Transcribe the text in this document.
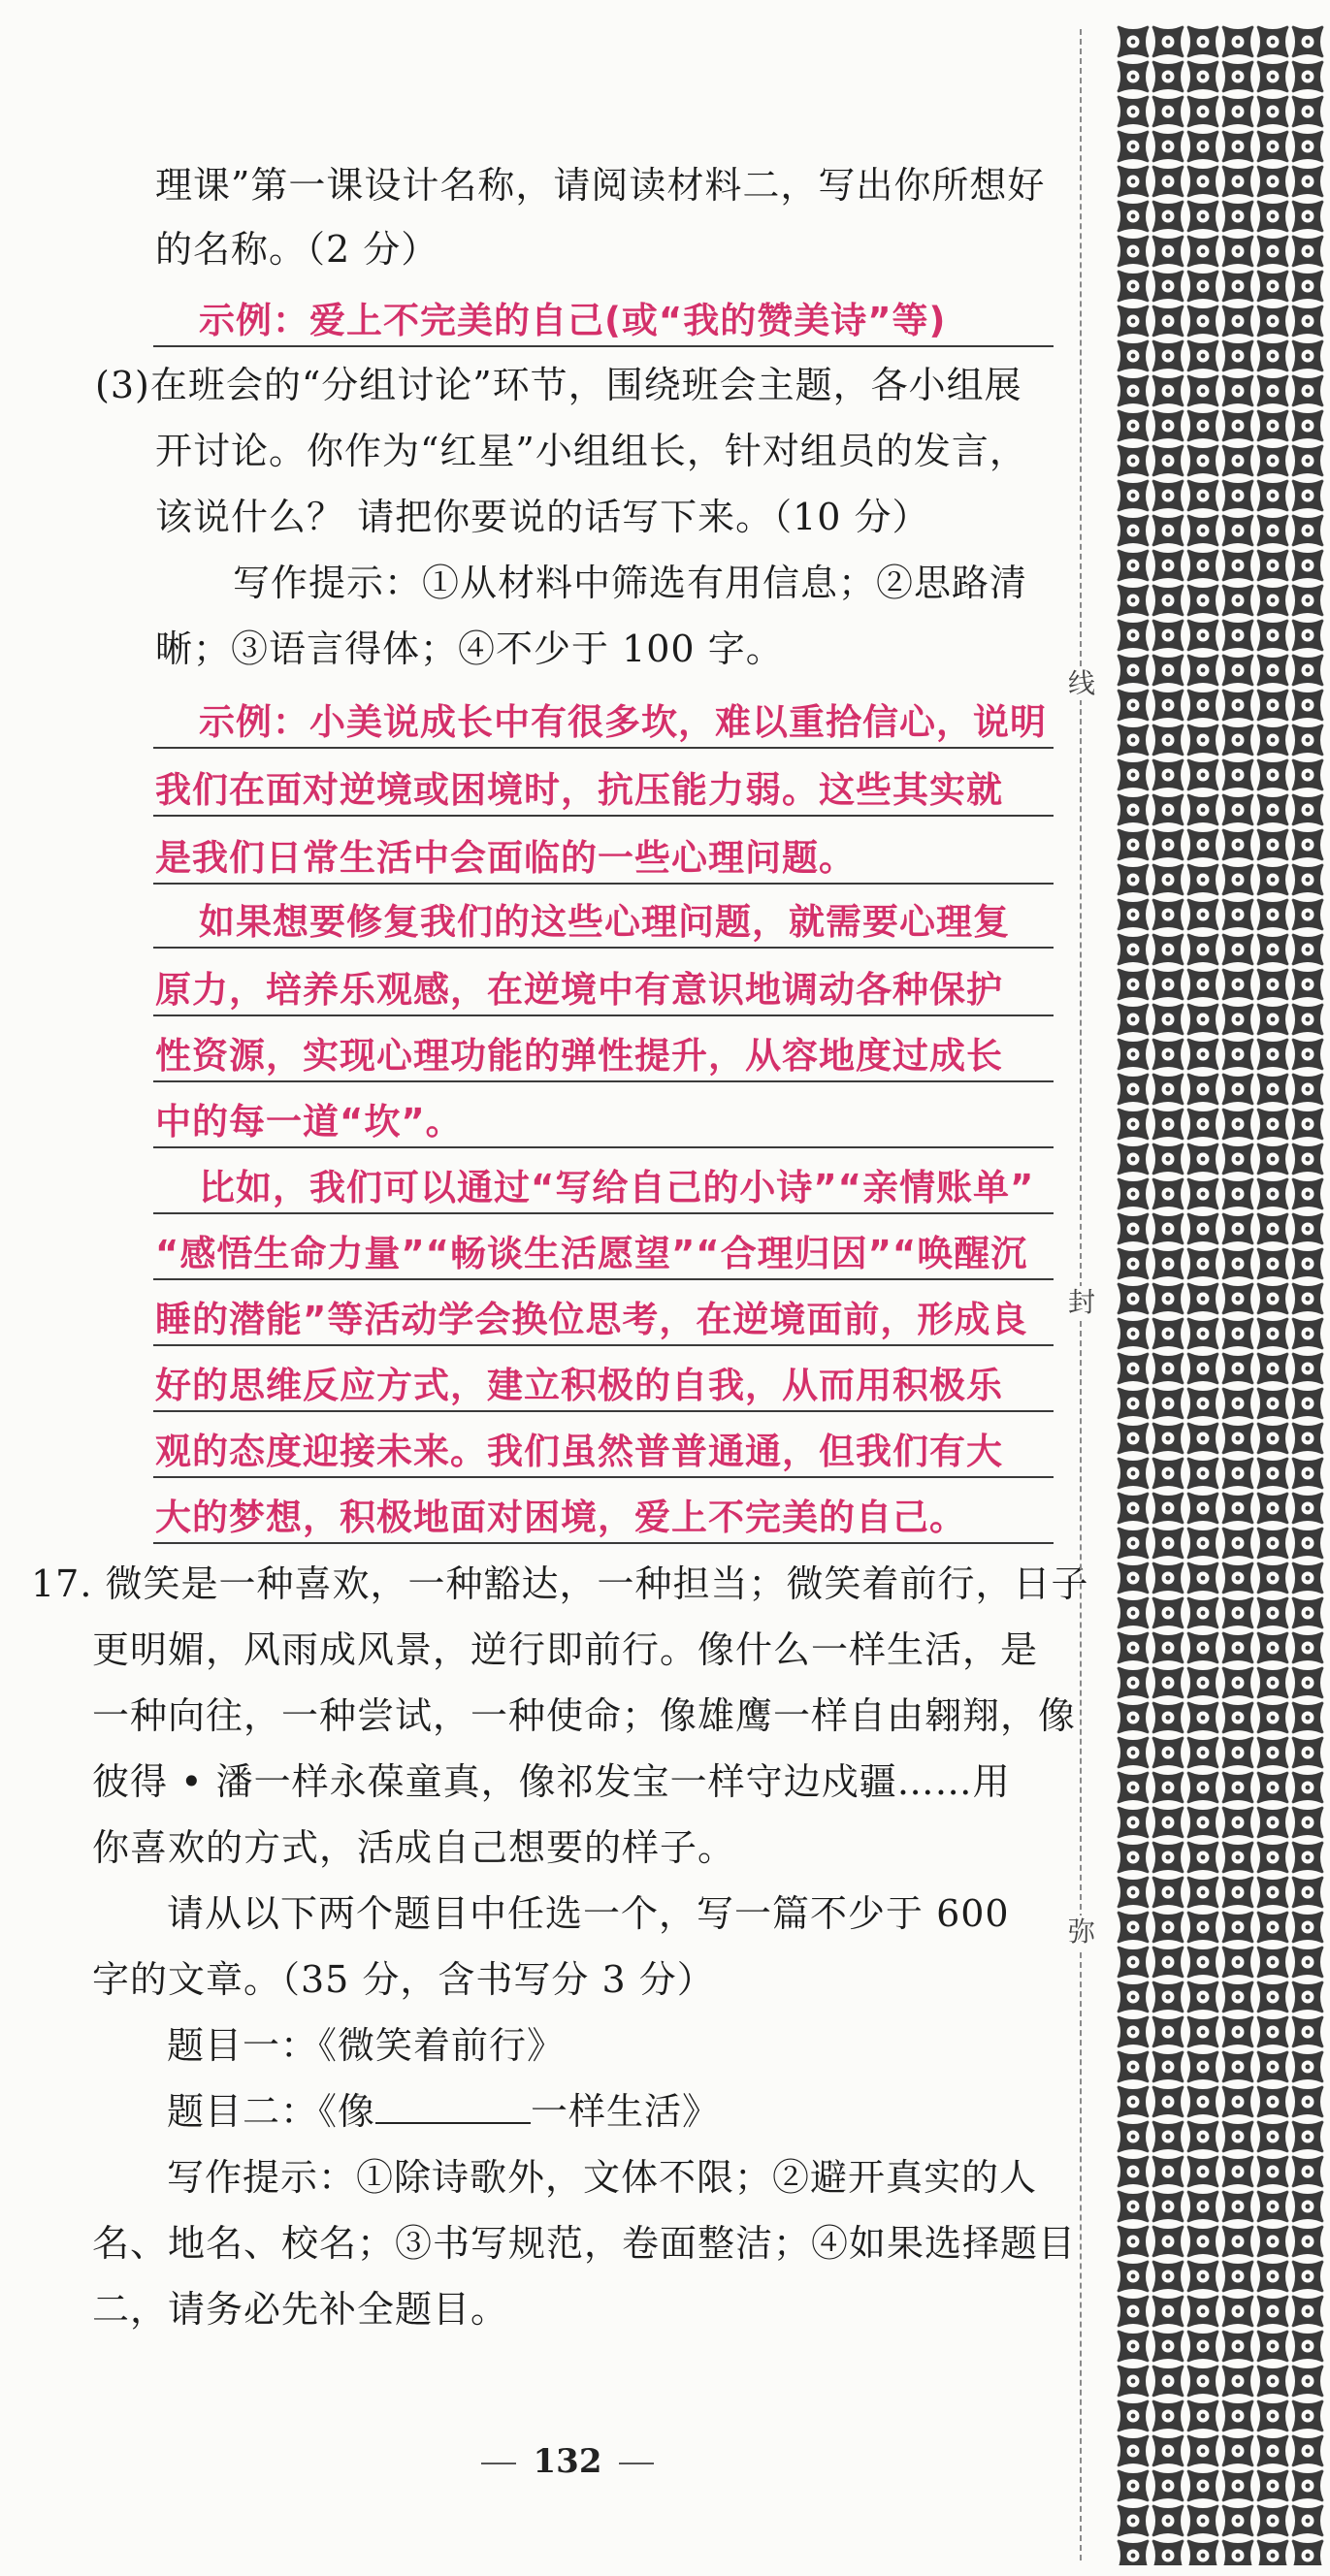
理课”第一课设计名称，请阅读材料二，写出你所想好
的名称。（2 分）
示例：爱上不完美的自己(或“我的赞美诗”等)
(3)在班会的“分组讨论”环节，围绕班会主题，各小组展
开讨论。你作为“红星”小组组长，针对组员的发言，
该说什么？ 请把你要说的话写下来。（10 分）
写作提示：①从材料中筛选有用信息；②思路清
晰；③语言得体；④不少于 100 字。
示例：小美说成长中有很多坎，难以重拾信心，说明
我们在面对逆境或困境时，抗压能力弱。这些其实就
是我们日常生活中会面临的一些心理问题。
如果想要修复我们的这些心理问题，就需要心理复
原力，培养乐观感，在逆境中有意识地调动各种保护
性资源，实现心理功能的弹性提升，从容地度过成长
中的每一道“坎”。
比如，我们可以通过“写给自己的小诗”“亲情账单”
“感悟生命力量”“畅谈生活愿望”“合理归因”“唤醒沉
睡的潜能”等活动学会换位思考，在逆境面前，形成良
好的思维反应方式，建立积极的自我，从而用积极乐
观的态度迎接未来。我们虽然普普通通，但我们有大
大的梦想，积极地面对困境，爱上不完美的自己。
17. 微笑是一种喜欢，一种豁达，一种担当；微笑着前行，日子
更明媚，风雨成风景，逆行即前行。像什么一样生活，是
一种向往，一种尝试，一种使命；像雄鹰一样自由翱翔，像
彼得 • 潘一样永葆童真，像祁发宝一样守边戍疆……用
你喜欢的方式，活成自己想要的样子。
请从以下两个题目中任选一个，写一篇不少于 600
字的文章。（35 分，含书写分 3 分）
题目一：《微笑着前行》
题目二：《像	一样生活》
写作提示：①除诗歌外，文体不限；②避开真实的人
名、地名、校名；③书写规范，卷面整洁；④如果选择题目
二，请务必先补全题目。
132
线
封
弥
